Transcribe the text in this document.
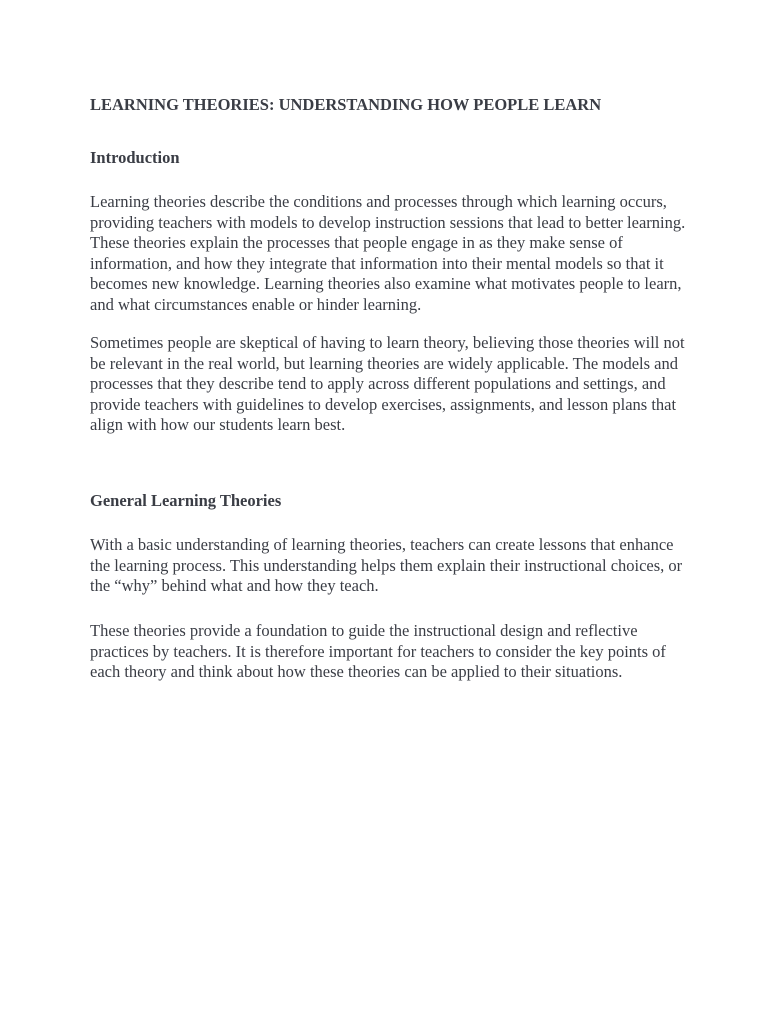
LEARNING THEORIES: UNDERSTANDING HOW PEOPLE LEARN
Introduction

Learning theories describe the conditions and processes through which learning occurs, providing teachers with models to develop instruction sessions that lead to better learning. These theories explain the processes that people engage in as they make sense of information, and how they integrate that information into their mental models so that it becomes new knowledge. Learning theories also examine what motivates people to learn, and what circumstances enable or hinder learning.

Sometimes people are skeptical of having to learn theory, believing those theories will not be relevant in the real world, but learning theories are widely applicable. The models and processes that they describe tend to apply across different populations and settings, and provide teachers with guidelines to develop exercises, assignments, and lesson plans that align with how our students learn best.

General Learning Theories

With a basic understanding of learning theories, teachers can create lessons that enhance the learning process. This understanding helps them explain their instructional choices, or the “why” behind what and how they teach.

These theories provide a foundation to guide the instructional design and reflective practices by teachers. It is therefore important for teachers to consider the key points of each theory and think about how these theories can be applied to their situations.
